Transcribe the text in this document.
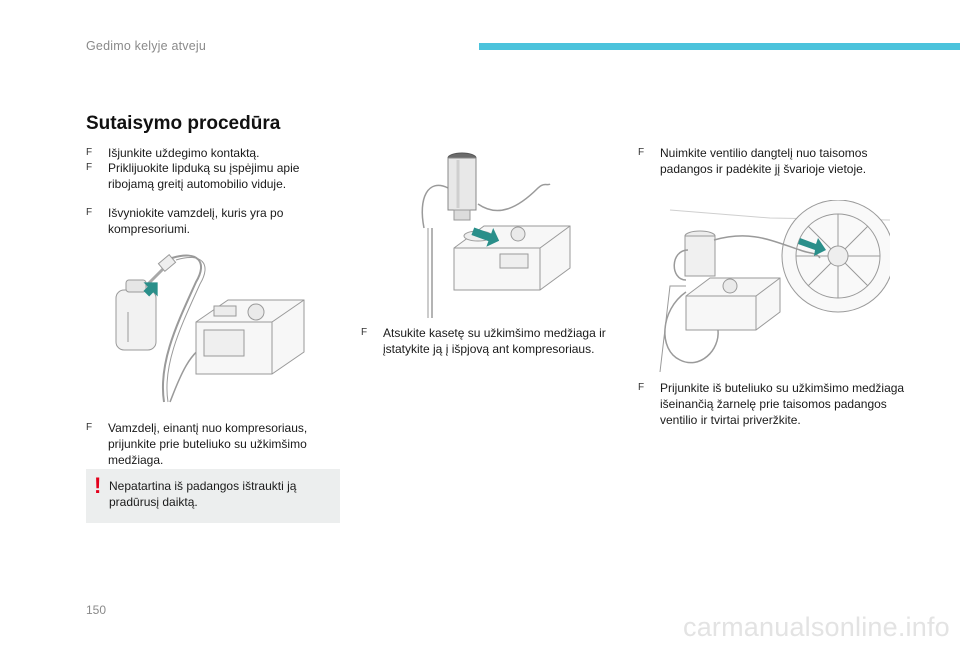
Gedimo kelyje atveju
Sutaisymo procedūra
F Išjunkite uždegimo kontaktą.
F Priklijuokite lipduką su įspėjimu apie ribojamą greitį automobilio viduje.
F Išvyniokite vamzdelį, kuris yra po kompresoriumi.
F Vamzdelį, einantį nuo kompresoriaus, prijunkite prie buteliuko su užkimšimo medžiaga.
! Nepatartina iš padangos ištraukti ją pradūrusį daiktą.
F Atsukite kasetę su užkimšimo medžiaga ir įstatykite ją į išpjovą ant kompresoriaus.
F Nuimkite ventilio dangtelį nuo taisomos padangos ir padėkite jį švarioje vietoje.
F Prijunkite iš buteliuko su užkimšimo medžiaga išeinančią žarnelę prie taisomos padangos ventilio ir tvirtai priveržkite.
150
carmanualsonline.info
